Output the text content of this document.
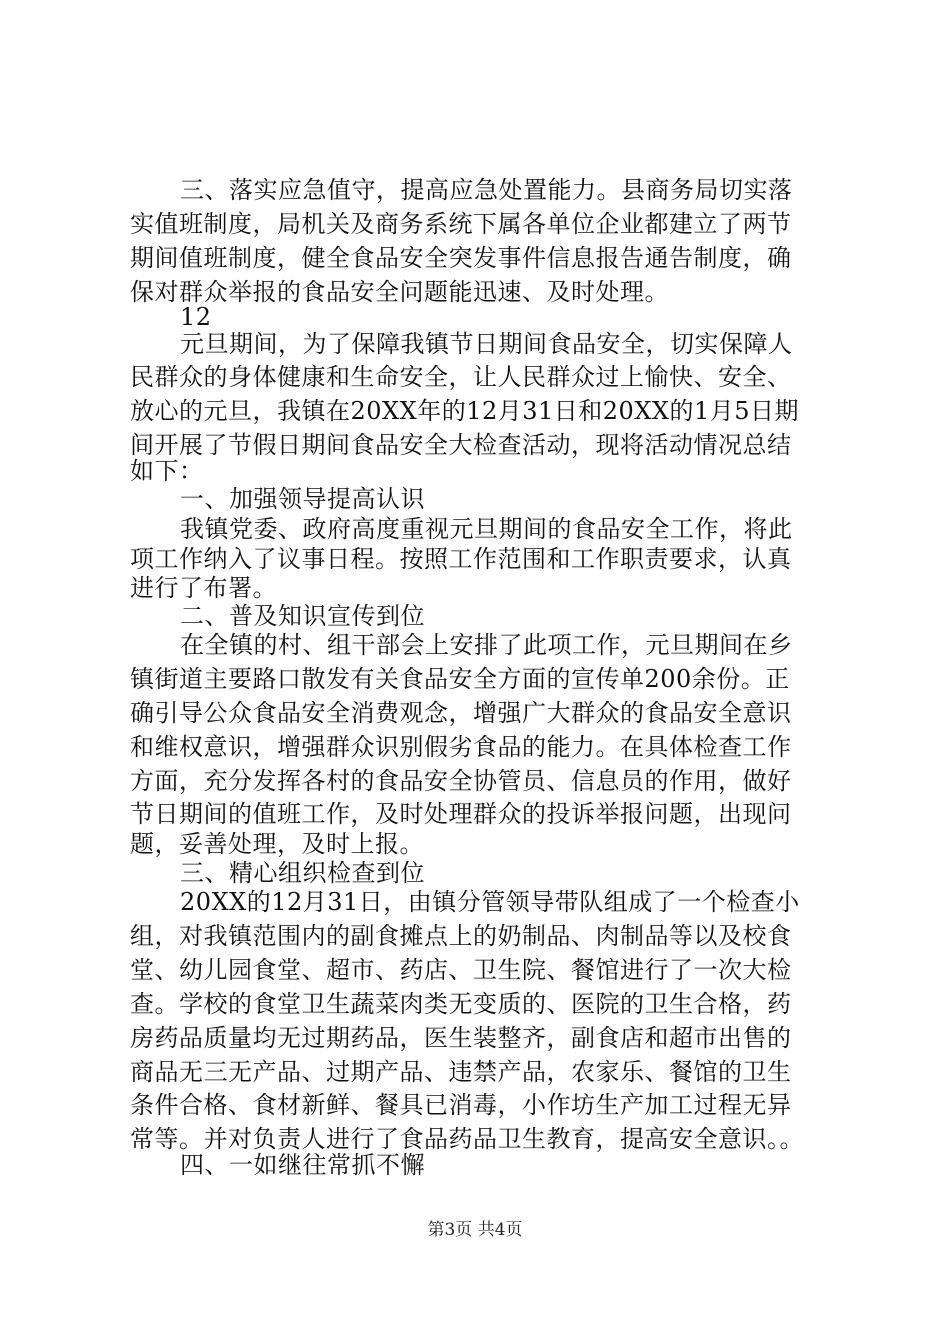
三、落实应急值守，提高应急处置能力。县商务局切实落
实值班制度，局机关及商务系统下属各单位企业都建立了两节
期间值班制度，健全食品安全突发事件信息报告通告制度，确
保对群众举报的食品安全问题能迅速、及时处理。
12
元旦期间，为了保障我镇节日期间食品安全，切实保障人
民群众的身体健康和生命安全，让人民群众过上愉快、安全、
放心的元旦，我镇在20XX年的12月31日和20XX的1月5日期
间开展了节假日期间食品安全大检查活动，现将活动情况总结
如下：
一、加强领导提高认识
我镇党委、政府高度重视元旦期间的食品安全工作，将此
项工作纳入了议事日程。按照工作范围和工作职责要求，认真
进行了布署。
二、普及知识宣传到位
在全镇的村、组干部会上安排了此项工作，元旦期间在乡
镇街道主要路口散发有关食品安全方面的宣传单200余份。正
确引导公众食品安全消费观念，增强广大群众的食品安全意识
和维权意识，增强群众识别假劣食品的能力。在具体检查工作
方面，充分发挥各村的食品安全协管员、信息员的作用，做好
节日期间的值班工作，及时处理群众的投诉举报问题，出现问
题，妥善处理，及时上报。
三、精心组织检查到位
20XX的12月31日，由镇分管领导带队组成了一个检查小
组，对我镇范围内的副食摊点上的奶制品、肉制品等以及校食
堂、幼儿园食堂、超市、药店、卫生院、餐馆进行了一次大检
查。学校的食堂卫生蔬菜肉类无变质的、医院的卫生合格，药
房药品质量均无过期药品，医生装整齐，副食店和超市出售的
商品无三无产品、过期产品、违禁产品，农家乐、餐馆的卫生
条件合格、食材新鲜、餐具已消毒，小作坊生产加工过程无异
常等。并对负责人进行了食品药品卫生教育，提高安全意识。。
四、一如继往常抓不懈
第3页 共4页
